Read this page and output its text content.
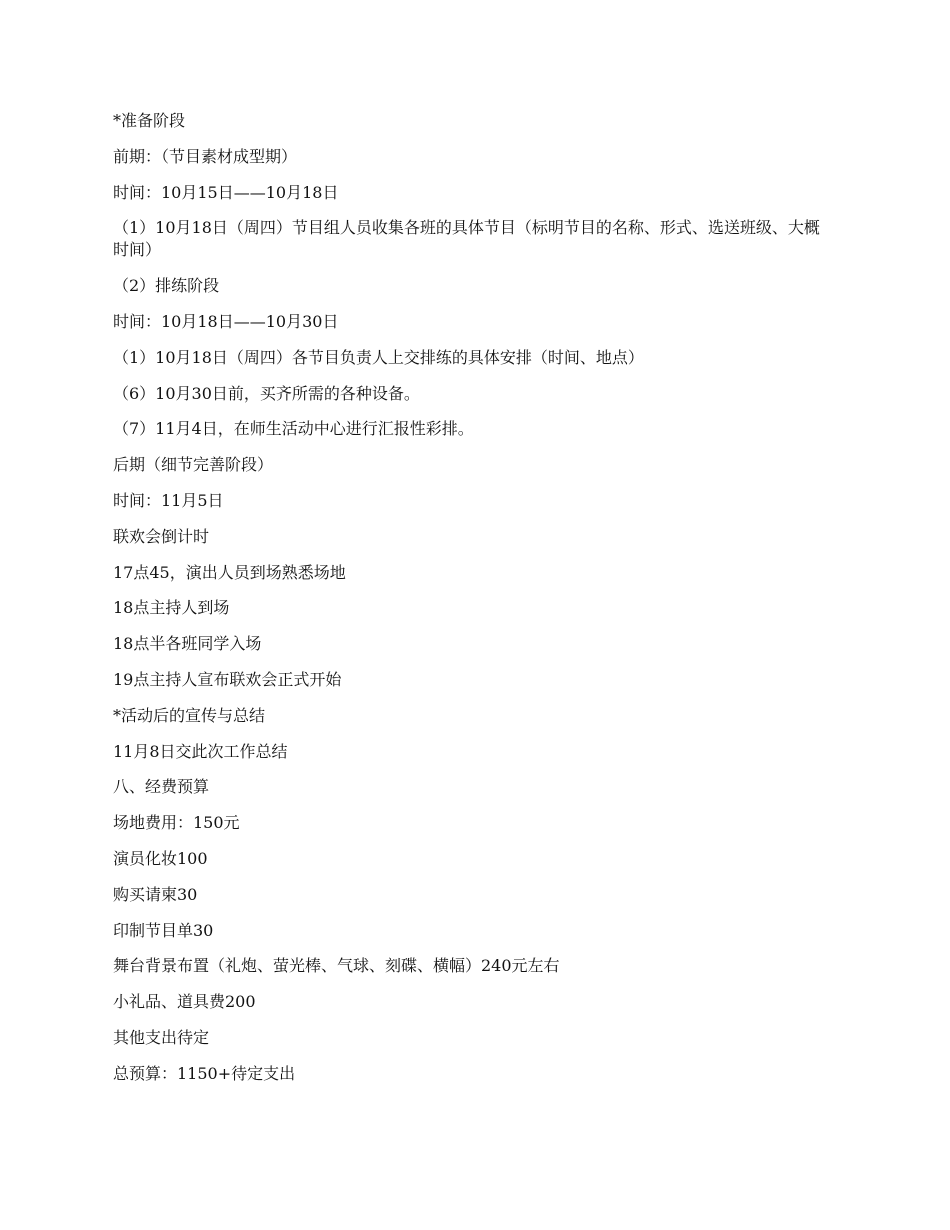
*准备阶段

前期：（节目素材成型期）

时间：10月15日——10月18日

（1）10月18日（周四）节目组人员收集各班的具体节目（标明节目的名称、形式、选送班级、大概时间）

（2）排练阶段

时间：10月18日——10月30日

（1）10月18日（周四）各节目负责人上交排练的具体安排（时间、地点）

（6）10月30日前，买齐所需的各种设备。

（7）11月4日，在师生活动中心进行汇报性彩排。

后期（细节完善阶段）

时间：11月5日

联欢会倒计时

17点45，演出人员到场熟悉场地

18点主持人到场

18点半各班同学入场

19点主持人宣布联欢会正式开始

*活动后的宣传与总结

11月8日交此次工作总结

八、经费预算

场地费用：150元

演员化妆100

购买请柬30

印制节目单30

舞台背景布置（礼炮、萤光棒、气球、刻碟、横幅）240元左右

小礼品、道具费200

其他支出待定

总预算：1150+待定支出
